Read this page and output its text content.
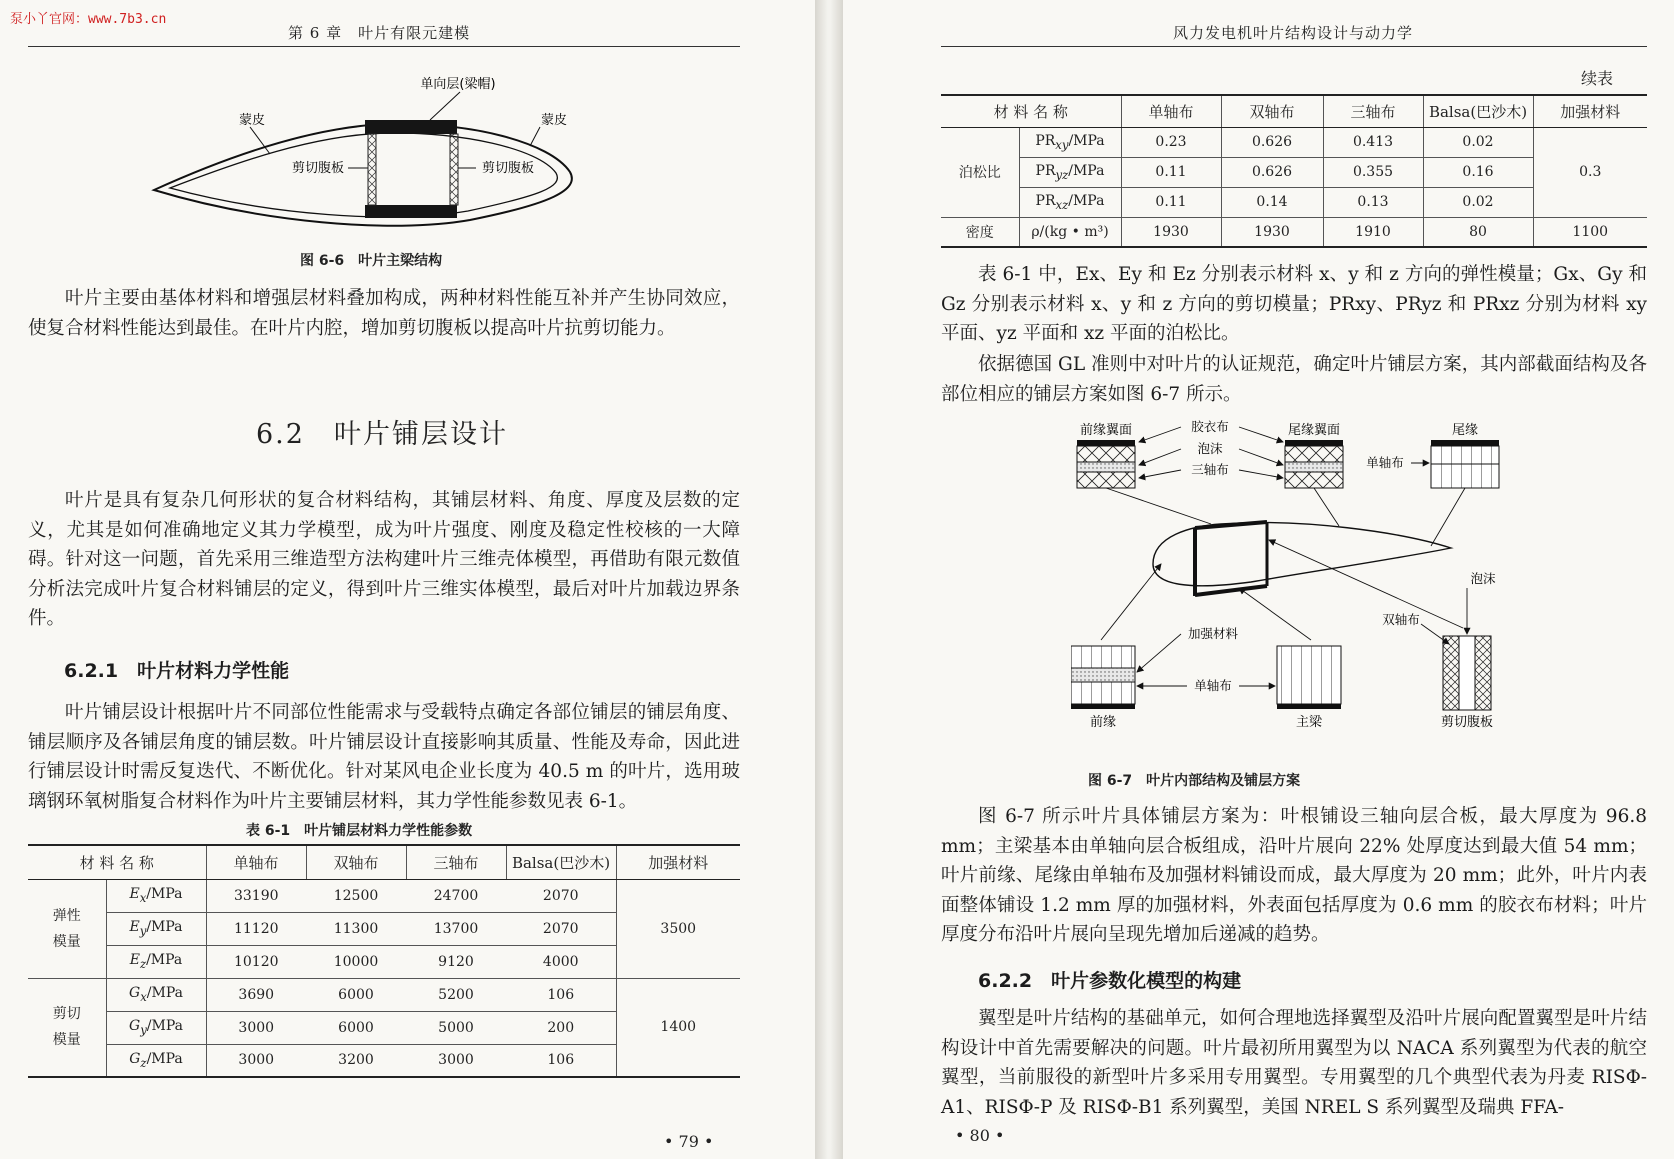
泵小丫官网：www.7b3.cn
第 6 章　叶片有限元建模
单向层(梁帽)
蒙皮	蒙皮
剪切腹板	剪切腹板
图 6-6　叶片主梁结构

叶片主要由基体材料和增强层材料叠加构成，两种材料性能互补并产生协同效应，使复合材料性能达到最佳。在叶片内腔，增加剪切腹板以提高叶片抗剪切能力。

6.2　叶片铺层设计

叶片是具有复杂几何形状的复合材料结构，其铺层材料、角度、厚度及层数的定义，尤其是如何准确地定义其力学模型，成为叶片强度、刚度及稳定性校核的一大障碍。针对这一问题，首先采用三维造型方法构建叶片三维壳体模型，再借助有限元数值分析法完成叶片复合材料铺层的定义，得到叶片三维实体模型，最后对叶片加载边界条件。

6.2.1　叶片材料力学性能

叶片铺层设计根据叶片不同部位性能需求与受载特点确定各部位铺层的铺层角度、铺层顺序及各铺层角度的铺层数。叶片铺层设计直接影响其质量、性能及寿命，因此进行铺层设计时需反复迭代、不断优化。针对某风电企业长度为 40.5 m 的叶片，选用玻璃钢环氧树脂复合材料作为叶片主要铺层材料，其力学性能参数见表 6-1。

表 6-1　叶片铺层材料力学性能参数
材 料 名 称		单轴布	双轴布	三轴布	Balsa(巴沙木)	加强材料
弹性
模量	$E_x$/MPa	33190	12500	24700	2070	3500
	$E_y$/MPa	11120	11300	13700	2070	
	$E_z$/MPa	10120	10000	9120	4000	
剪切
模量	$G_x$/MPa	3690	6000	5200	106	1400
	$G_y$/MPa	3000	6000	5000	200	
	$G_z$/MPa	3000	3200	3000	106	
• 79 •
风力发电机叶片结构设计与动力学
续表
材 料 名 称		单轴布	双轴布	三轴布	Balsa(巴沙木)	加强材料
泊松比	$PR_{xy}$/MPa	0.23	0.626	0.413	0.02	0.3
	$PR_{yz}$/MPa	0.11	0.626	0.355	0.16	
	$PR_{xz}$/MPa	0.11	0.14	0.13	0.02	
密度	ρ/(kg • m³)	1930	1930	1910	80	1100

表 6-1 中，Ex、Ey 和 Ez 分别表示材料 x、y 和 z 方向的弹性模量；Gx、Gy 和 Gz 分别表示材料 x、y 和 z 方向的剪切模量；PRxy、PRyz 和 PRxz 分别为材料 xy 平面、yz 平面和 xz 平面的泊松比。

依据德国 GL 准则中对叶片的认证规范，确定叶片铺层方案，其内部截面结构及各部位相应的铺层方案如图 6-7 所示。

前缘翼面	胶衣布
泡沫
三轴布
尾缘翼面	尾缘
单轴布
泡沫
双轴布
加强材料
单轴布
前缘	主梁	剪切腹板
图 6-7　叶片内部结构及铺层方案

图 6-7 所示叶片具体铺层方案为：叶根铺设三轴向层合板，最大厚度为 96.8 mm；主梁基本由单轴向层合板组成，沿叶片展向 22% 处厚度达到最大值 54 mm；叶片前缘、尾缘由单轴布及加强材料铺设而成，最大厚度为 20 mm；此外，叶片内表面整体铺设 1.2 mm 厚的加强材料，外表面包括厚度为 0.6 mm 的胶衣布材料；叶片厚度分布沿叶片展向呈现先增加后递减的趋势。

6.2.2　叶片参数化模型的构建

翼型是叶片结构的基础单元，如何合理地选择翼型及沿叶片展向配置翼型是叶片结构设计中首先需要解决的问题。叶片最初所用翼型为以 NACA 系列翼型为代表的航空翼型，当前服役的新型叶片多采用专用翼型。专用翼型的几个典型代表为丹麦 RISΦ-A1、RISΦ-P 及 RISΦ-B1 系列翼型，美国 NREL S 系列翼型及瑞典 FFA-

• 80 •
